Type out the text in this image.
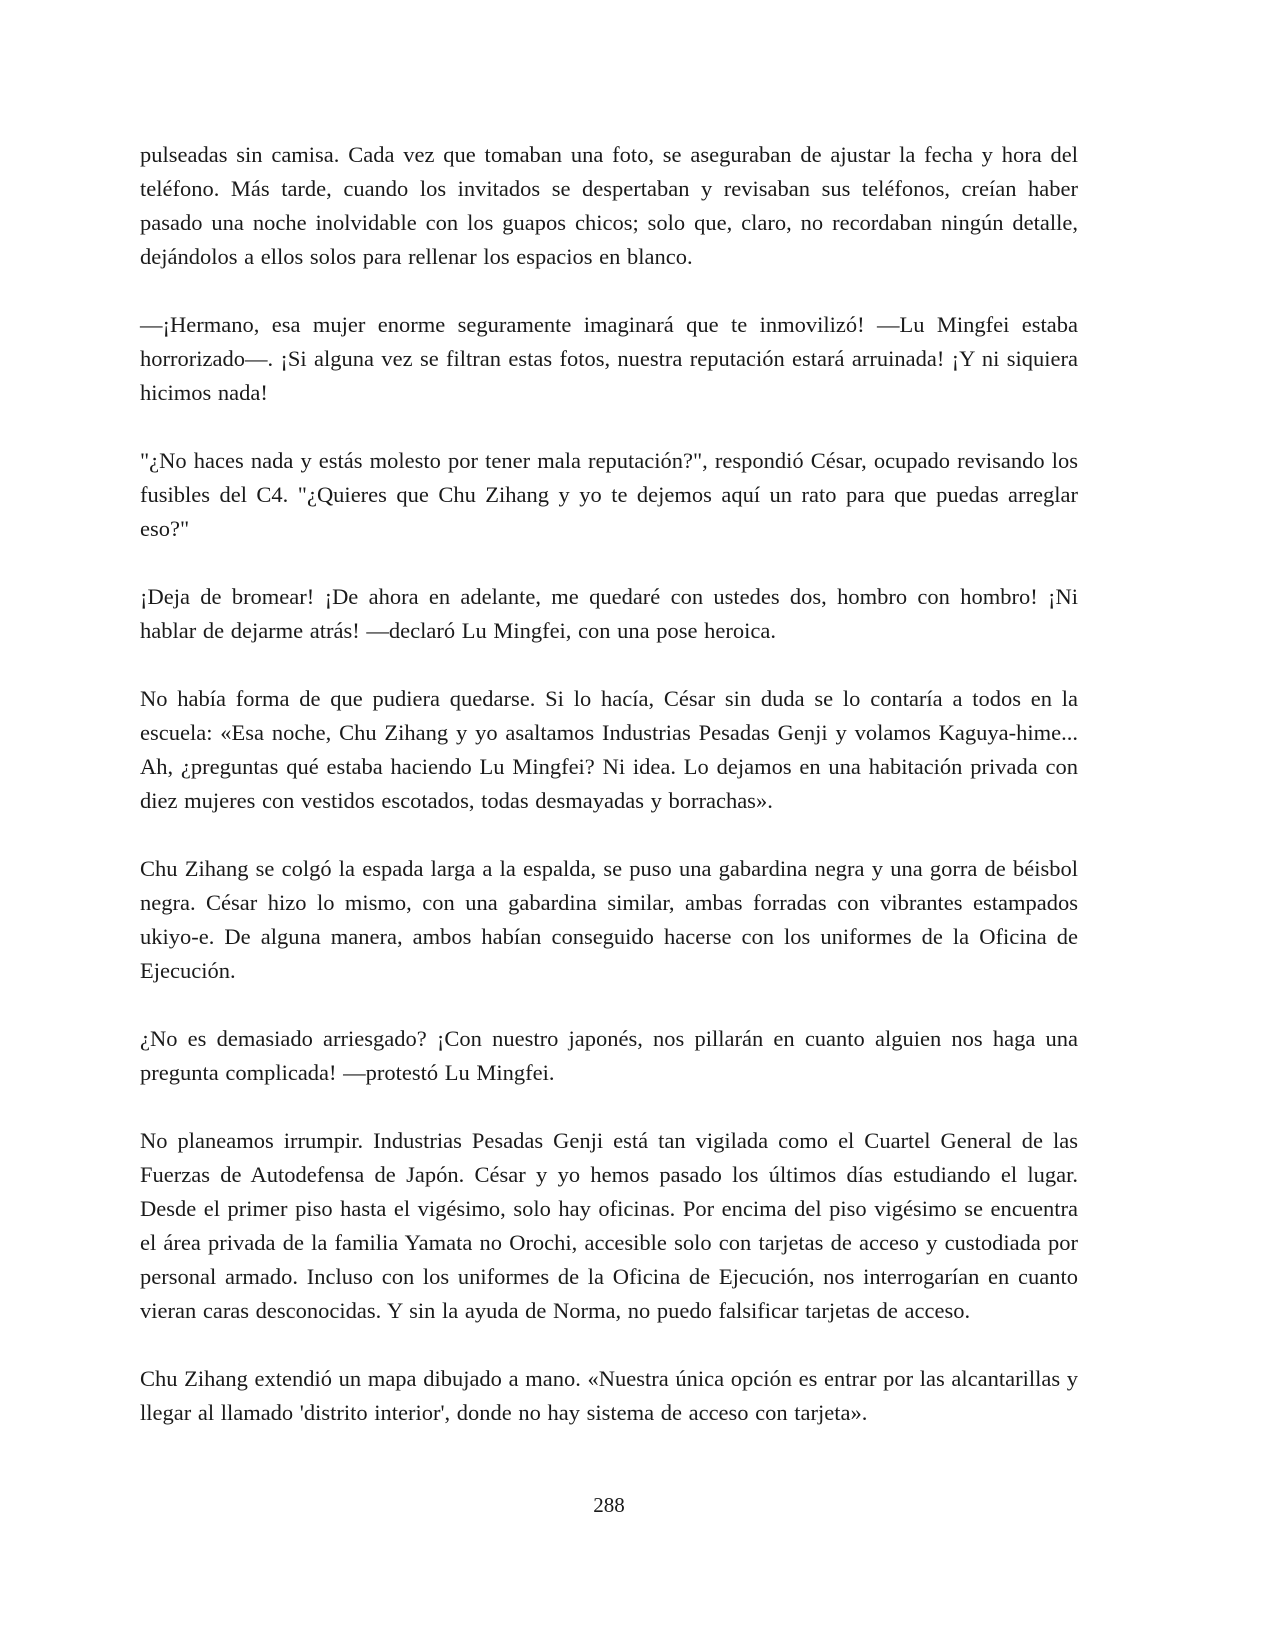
pulseadas sin camisa. Cada vez que tomaban una foto, se aseguraban de ajustar la fecha y hora del teléfono. Más tarde, cuando los invitados se despertaban y revisaban sus teléfonos, creían haber pasado una noche inolvidable con los guapos chicos; solo que, claro, no recordaban ningún detalle, dejándolos a ellos solos para rellenar los espacios en blanco.

—¡Hermano, esa mujer enorme seguramente imaginará que te inmovilizó! —Lu Mingfei estaba horrorizado—. ¡Si alguna vez se filtran estas fotos, nuestra reputación estará arruinada! ¡Y ni siquiera hicimos nada!

"¿No haces nada y estás molesto por tener mala reputación?", respondió César, ocupado revisando los fusibles del C4. "¿Quieres que Chu Zihang y yo te dejemos aquí un rato para que puedas arreglar eso?"

¡Deja de bromear! ¡De ahora en adelante, me quedaré con ustedes dos, hombro con hombro! ¡Ni hablar de dejarme atrás! —declaró Lu Mingfei, con una pose heroica.

No había forma de que pudiera quedarse. Si lo hacía, César sin duda se lo contaría a todos en la escuela: «Esa noche, Chu Zihang y yo asaltamos Industrias Pesadas Genji y volamos Kaguya-hime... Ah, ¿preguntas qué estaba haciendo Lu Mingfei? Ni idea. Lo dejamos en una habitación privada con diez mujeres con vestidos escotados, todas desmayadas y borrachas».

Chu Zihang se colgó la espada larga a la espalda, se puso una gabardina negra y una gorra de béisbol negra. César hizo lo mismo, con una gabardina similar, ambas forradas con vibrantes estampados ukiyo-e. De alguna manera, ambos habían conseguido hacerse con los uniformes de la Oficina de Ejecución.

¿No es demasiado arriesgado? ¡Con nuestro japonés, nos pillarán en cuanto alguien nos haga una pregunta complicada! —protestó Lu Mingfei.

No planeamos irrumpir. Industrias Pesadas Genji está tan vigilada como el Cuartel General de las Fuerzas de Autodefensa de Japón. César y yo hemos pasado los últimos días estudiando el lugar. Desde el primer piso hasta el vigésimo, solo hay oficinas. Por encima del piso vigésimo se encuentra el área privada de la familia Yamata no Orochi, accesible solo con tarjetas de acceso y custodiada por personal armado. Incluso con los uniformes de la Oficina de Ejecución, nos interrogarían en cuanto vieran caras desconocidas. Y sin la ayuda de Norma, no puedo falsificar tarjetas de acceso.

Chu Zihang extendió un mapa dibujado a mano. «Nuestra única opción es entrar por las alcantarillas y llegar al llamado 'distrito interior', donde no hay sistema de acceso con tarjeta».

288
